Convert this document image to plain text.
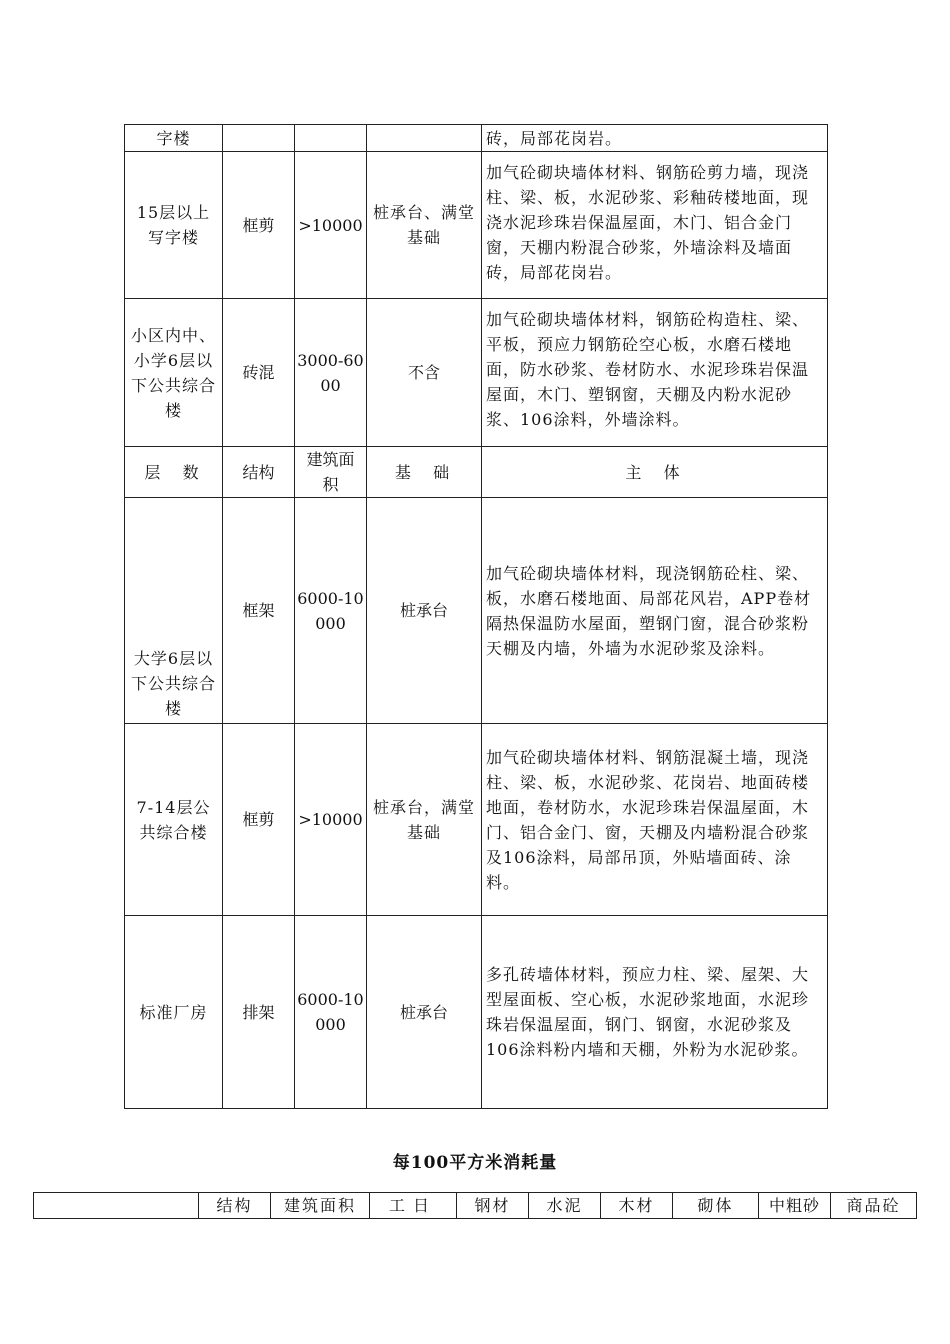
字楼				砖，局部花岗岩。
15层以上写字楼	框剪	>10000	桩承台、满堂基础	加气砼砌块墙体材料、钢筋砼剪力墙，现浇柱、梁、板，水泥砂浆、彩釉砖楼地面，现浇水泥珍珠岩保温屋面，木门、铝合金门窗，天棚内粉混合砂浆，外墙涂料及墙面砖，局部花岗岩。
小区内中、小学6层以下公共综合楼	砖混	3000-6000	不含	加气砼砌块墙体材料，钢筋砼构造柱、梁、平板，预应力钢筋砼空心板，水磨石楼地面，防水砂浆、卷材防水、水泥珍珠岩保温屋面，木门、塑钢窗，天棚及内粉水泥砂浆、106涂料，外墙涂料。
层  数	结构	建筑面积	基  础	主  体
大学6层以下公共综合楼	框架	6000-10000	桩承台	加气砼砌块墙体材料，现浇钢筋砼柱、梁、板，水磨石楼地面、局部花风岩，APP卷材隔热保温防水屋面，塑钢门窗，混合砂浆粉天棚及内墙，外墙为水泥砂浆及涂料。
7-14层公共综合楼	框剪	>10000	桩承台，满堂基础	加气砼砌块墙体材料、钢筋混凝土墙，现浇柱、梁、板，水泥砂浆、花岗岩、地面砖楼地面，卷材防水，水泥珍珠岩保温屋面，木门、铝合金门、窗，天棚及内墙粉混合砂浆及106涂料，局部吊顶，外贴墙面砖、涂料。
标准厂房	排架	6000-10000	桩承台	多孔砖墙体材料，预应力柱、梁、屋架、大型屋面板、空心板，水泥砂浆地面，水泥珍珠岩保温屋面，钢门、钢窗，水泥砂浆及106涂料粉内墙和天棚，外粉为水泥砂浆。
每100平方米消耗量
	结构	建筑面积	工日	钢材	水泥	木材	砌体	中粗砂	商品砼
